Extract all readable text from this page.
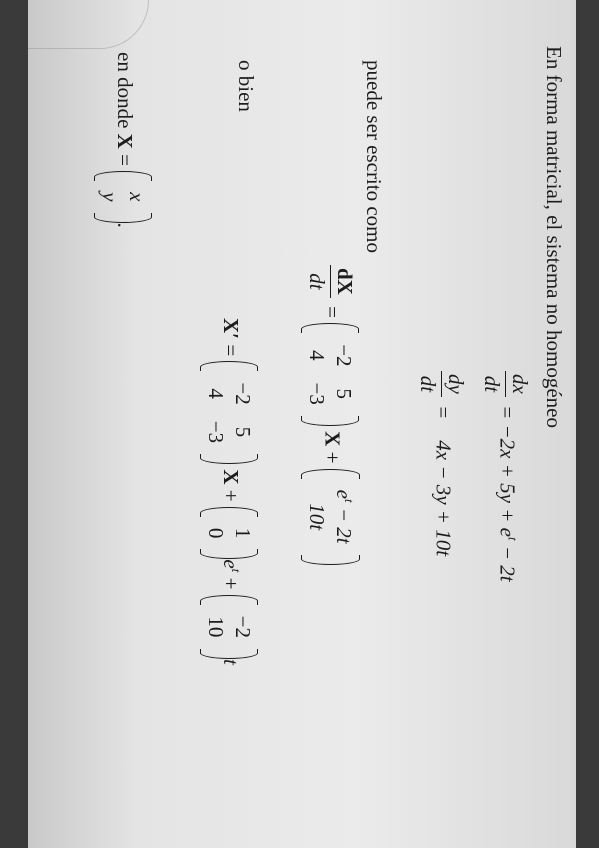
En forma matricial, el sistema no homogéneo
dx
dt
= $-2x + 5y + e^t - 2t$
dy
dt
=    4x − 3y + 10t
puede ser escrito como
dX
dt
=
−2	5
4	−3
X +
$e^t - 2t$
10t
o bien
X′ =
−2	5
4	−3
X +
1
0
$e^t$ +
−2
10
t
en donde X =
x
y
.
